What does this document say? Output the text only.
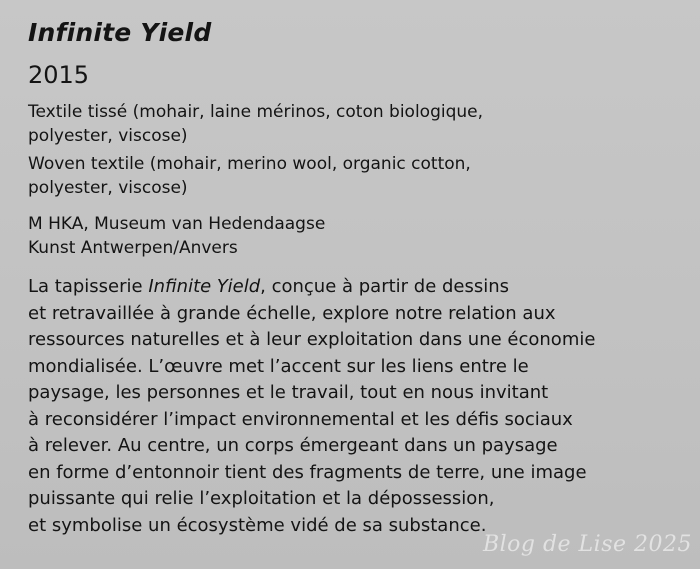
Infinite Yield
2015

Textile tissé (mohair, laine mérinos, coton biologique,

polyester, viscose)

Woven textile (mohair, merino wool, organic cotton,

polyester, viscose)

M HKA, Museum van Hedendaagse

Kunst Antwerpen/Anvers

La tapisserie Infinite Yield, conçue à partir de dessins

et retravaillée à grande échelle, explore notre relation aux

ressources naturelles et à leur exploitation dans une économie

mondialisée. L’œuvre met l’accent sur les liens entre le

paysage, les personnes et le travail, tout en nous invitant

à reconsidérer l’impact environnemental et les défis sociaux

à relever. Au centre, un corps émergeant dans un paysage

en forme d’entonnoir tient des fragments de terre, une image

puissante qui relie l’exploitation et la dépossession,

et symbolise un écosystème vidé de sa substance.

Blog de Lise 2025
